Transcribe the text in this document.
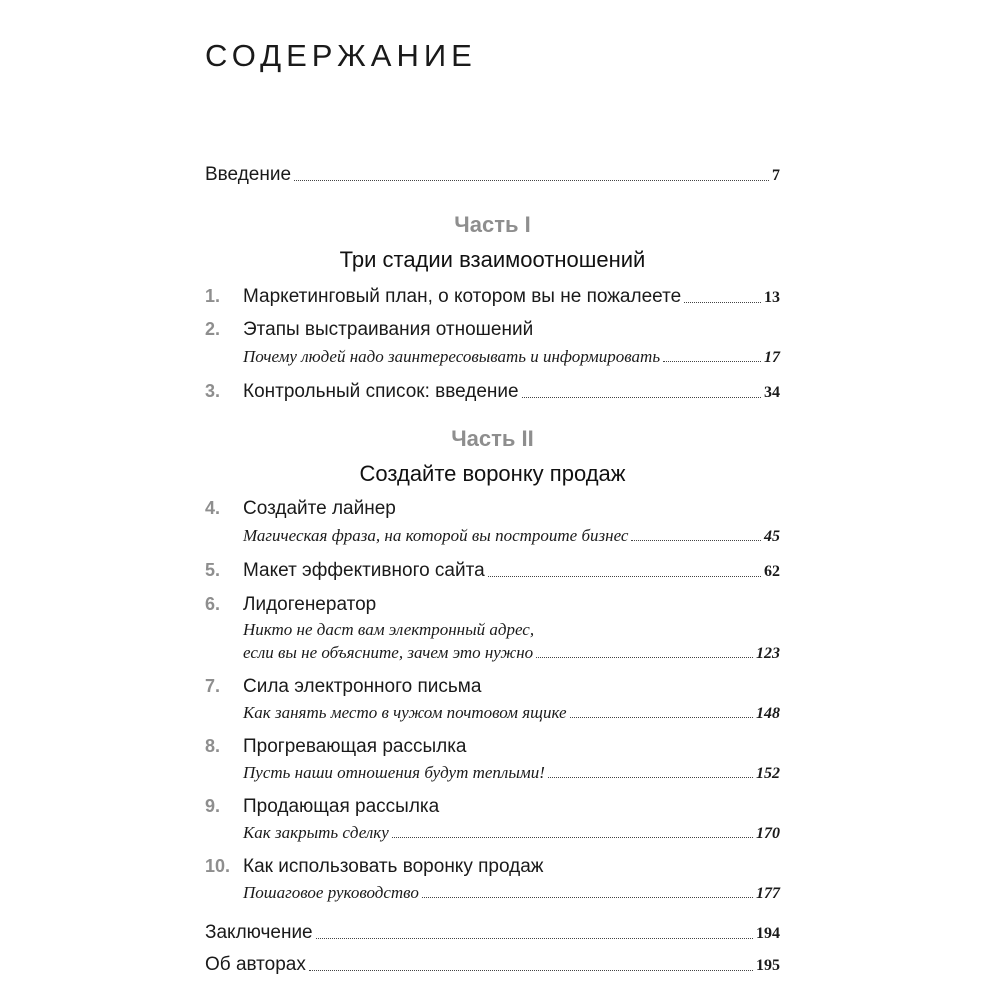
СОДЕРЖАНИЕ
Введение	7
Часть I
Три стадии взаимоотношений
1.	Маркетинговый план, о котором вы не пожалеете	13
2.	Этапы выстраивания отношений
Почему людей надо заинтересовывать и информировать	17
3.	Контрольный список: введение	34
Часть II
Создайте воронку продаж
4.	Создайте лайнер
Магическая фраза, на которой вы построите бизнес	45
5.	Макет эффективного сайта	62
6.	Лидогенератор
Никто не даст вам электронный адрес,
если вы не объясните, зачем это нужно	123
7.	Сила электронного письма
Как занять место в чужом почтовом ящике	148
8.	Прогревающая рассылка
Пусть наши отношения будут теплыми!	152
9.	Продающая рассылка
Как закрыть сделку	170
10. Как использовать воронку продаж
Пошаговое руководство	177
Заключение	194
Об авторах	195
